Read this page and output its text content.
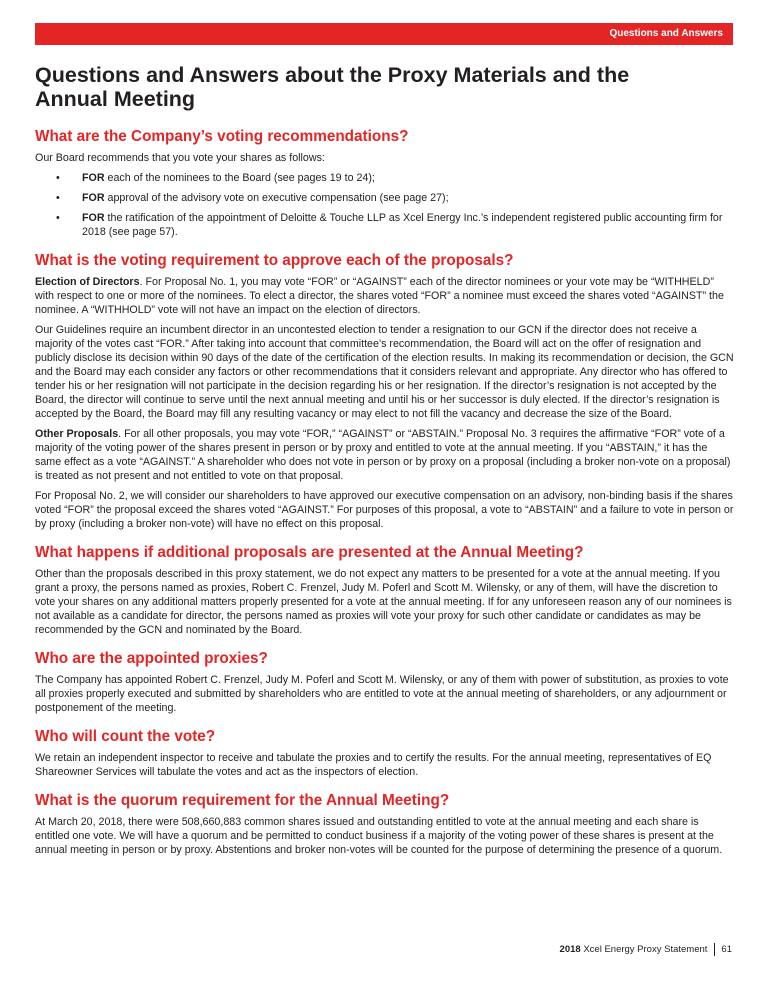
Questions and Answers
Questions and Answers about the Proxy Materials and the Annual Meeting
What are the Company’s voting recommendations?

Our Board recommends that you vote your shares as follows:

• FOR each of the nominees to the Board (see pages 19 to 24);
• FOR approval of the advisory vote on executive compensation (see page 27);
• FOR the ratification of the appointment of Deloitte & Touche LLP as Xcel Energy Inc.’s independent registered public accounting firm for 2018 (see page 57).
What is the voting requirement to approve each of the proposals?

Election of Directors. For Proposal No. 1, you may vote “FOR” or “AGAINST” each of the director nominees or your vote may be “WITHHELD” with respect to one or more of the nominees. To elect a director, the shares voted “FOR” a nominee must exceed the shares voted “AGAINST” the nominee. A “WITHHOLD” vote will not have an impact on the election of directors.

Our Guidelines require an incumbent director in an uncontested election to tender a resignation to our GCN if the director does not receive a majority of the votes cast “FOR.” After taking into account that committee’s recommendation, the Board will act on the offer of resignation and publicly disclose its decision within 90 days of the date of the certification of the election results. In making its recommendation or decision, the GCN and the Board may each consider any factors or other recommendations that it considers relevant and appropriate. Any director who has offered to tender his or her resignation will not participate in the decision regarding his or her resignation. If the director’s resignation is not accepted by the Board, the director will continue to serve until the next annual meeting and until his or her successor is duly elected. If the director’s resignation is accepted by the Board, the Board may fill any resulting vacancy or may elect to not fill the vacancy and decrease the size of the Board.

Other Proposals. For all other proposals, you may vote “FOR,” “AGAINST” or “ABSTAIN.” Proposal No. 3 requires the affirmative “FOR” vote of a majority of the voting power of the shares present in person or by proxy and entitled to vote at the annual meeting. If you “ABSTAIN,” it has the same effect as a vote “AGAINST.” A shareholder who does not vote in person or by proxy on a proposal (including a broker non-vote on a proposal) is treated as not present and not entitled to vote on that proposal.

For Proposal No. 2, we will consider our shareholders to have approved our executive compensation on an advisory, non-binding basis if the shares voted “FOR” the proposal exceed the shares voted “AGAINST.” For purposes of this proposal, a vote to “ABSTAIN” and a failure to vote in person or by proxy (including a broker non-vote) will have no effect on this proposal.

What happens if additional proposals are presented at the Annual Meeting?

Other than the proposals described in this proxy statement, we do not expect any matters to be presented for a vote at the annual meeting. If you grant a proxy, the persons named as proxies, Robert C. Frenzel, Judy M. Poferl and Scott M. Wilensky, or any of them, will have the discretion to vote your shares on any additional matters properly presented for a vote at the annual meeting. If for any unforeseen reason any of our nominees is not available as a candidate for director, the persons named as proxies will vote your proxy for such other candidate or candidates as may be recommended by the GCN and nominated by the Board.

Who are the appointed proxies?

The Company has appointed Robert C. Frenzel, Judy M. Poferl and Scott M. Wilensky, or any of them with power of substitution, as proxies to vote all proxies properly executed and submitted by shareholders who are entitled to vote at the annual meeting of shareholders, or any adjournment or postponement of the meeting.

Who will count the vote?

We retain an independent inspector to receive and tabulate the proxies and to certify the results. For the annual meeting, representatives of EQ Shareowner Services will tabulate the votes and act as the inspectors of election.

What is the quorum requirement for the Annual Meeting?

At March 20, 2018, there were 508,660,883 common shares issued and outstanding entitled to vote at the annual meeting and each share is entitled one vote. We will have a quorum and be permitted to conduct business if a majority of the voting power of these shares is present at the annual meeting in person or by proxy. Abstentions and broker non-votes will be counted for the purpose of determining the presence of a quorum.

2018 Xcel Energy Proxy Statement 61
